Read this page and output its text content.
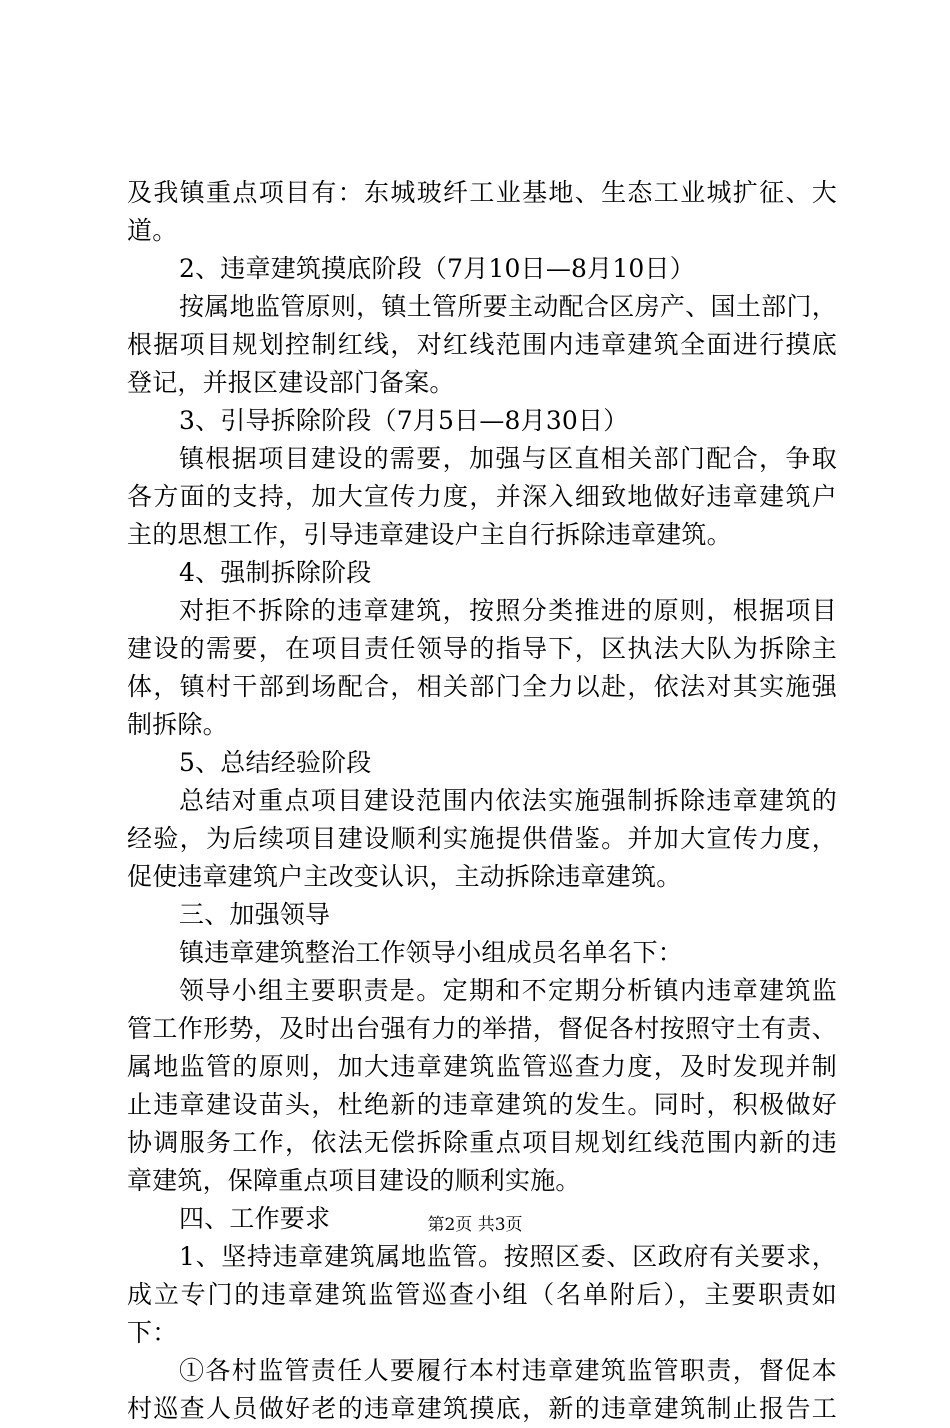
及我镇重点项目有：东城玻纤工业基地、生态工业城扩征、大
道。
2、违章建筑摸底阶段（7月10日—8月10日）
按属地监管原则，镇土管所要主动配合区房产、国土部门，
根据项目规划控制红线，对红线范围内违章建筑全面进行摸底
登记，并报区建设部门备案。
3、引导拆除阶段（7月5日—8月30日）
镇根据项目建设的需要，加强与区直相关部门配合，争取
各方面的支持，加大宣传力度，并深入细致地做好违章建筑户
主的思想工作，引导违章建设户主自行拆除违章建筑。
4、强制拆除阶段
对拒不拆除的违章建筑，按照分类推进的原则，根据项目
建设的需要，在项目责任领导的指导下，区执法大队为拆除主
体，镇村干部到场配合，相关部门全力以赴，依法对其实施强
制拆除。
5、总结经验阶段
总结对重点项目建设范围内依法实施强制拆除违章建筑的
经验，为后续项目建设顺利实施提供借鉴。并加大宣传力度，
促使违章建筑户主改变认识，主动拆除违章建筑。
三、加强领导
镇违章建筑整治工作领导小组成员名单名下：
领导小组主要职责是。定期和不定期分析镇内违章建筑监
管工作形势，及时出台强有力的举措，督促各村按照守土有责、
属地监管的原则，加大违章建筑监管巡查力度，及时发现并制
止违章建设苗头，杜绝新的违章建筑的发生。同时，积极做好
协调服务工作，依法无偿拆除重点项目规划红线范围内新的违
章建筑，保障重点项目建设的顺利实施。
四、工作要求
1、坚持违章建筑属地监管。按照区委、区政府有关要求，
成立专门的违章建筑监管巡查小组（名单附后），主要职责如
下：
①各村监管责任人要履行本村违章建筑监管职责，督促本
村巡查人员做好老的违章建筑摸底，新的违章建筑制止报告工
第2页 共3页
